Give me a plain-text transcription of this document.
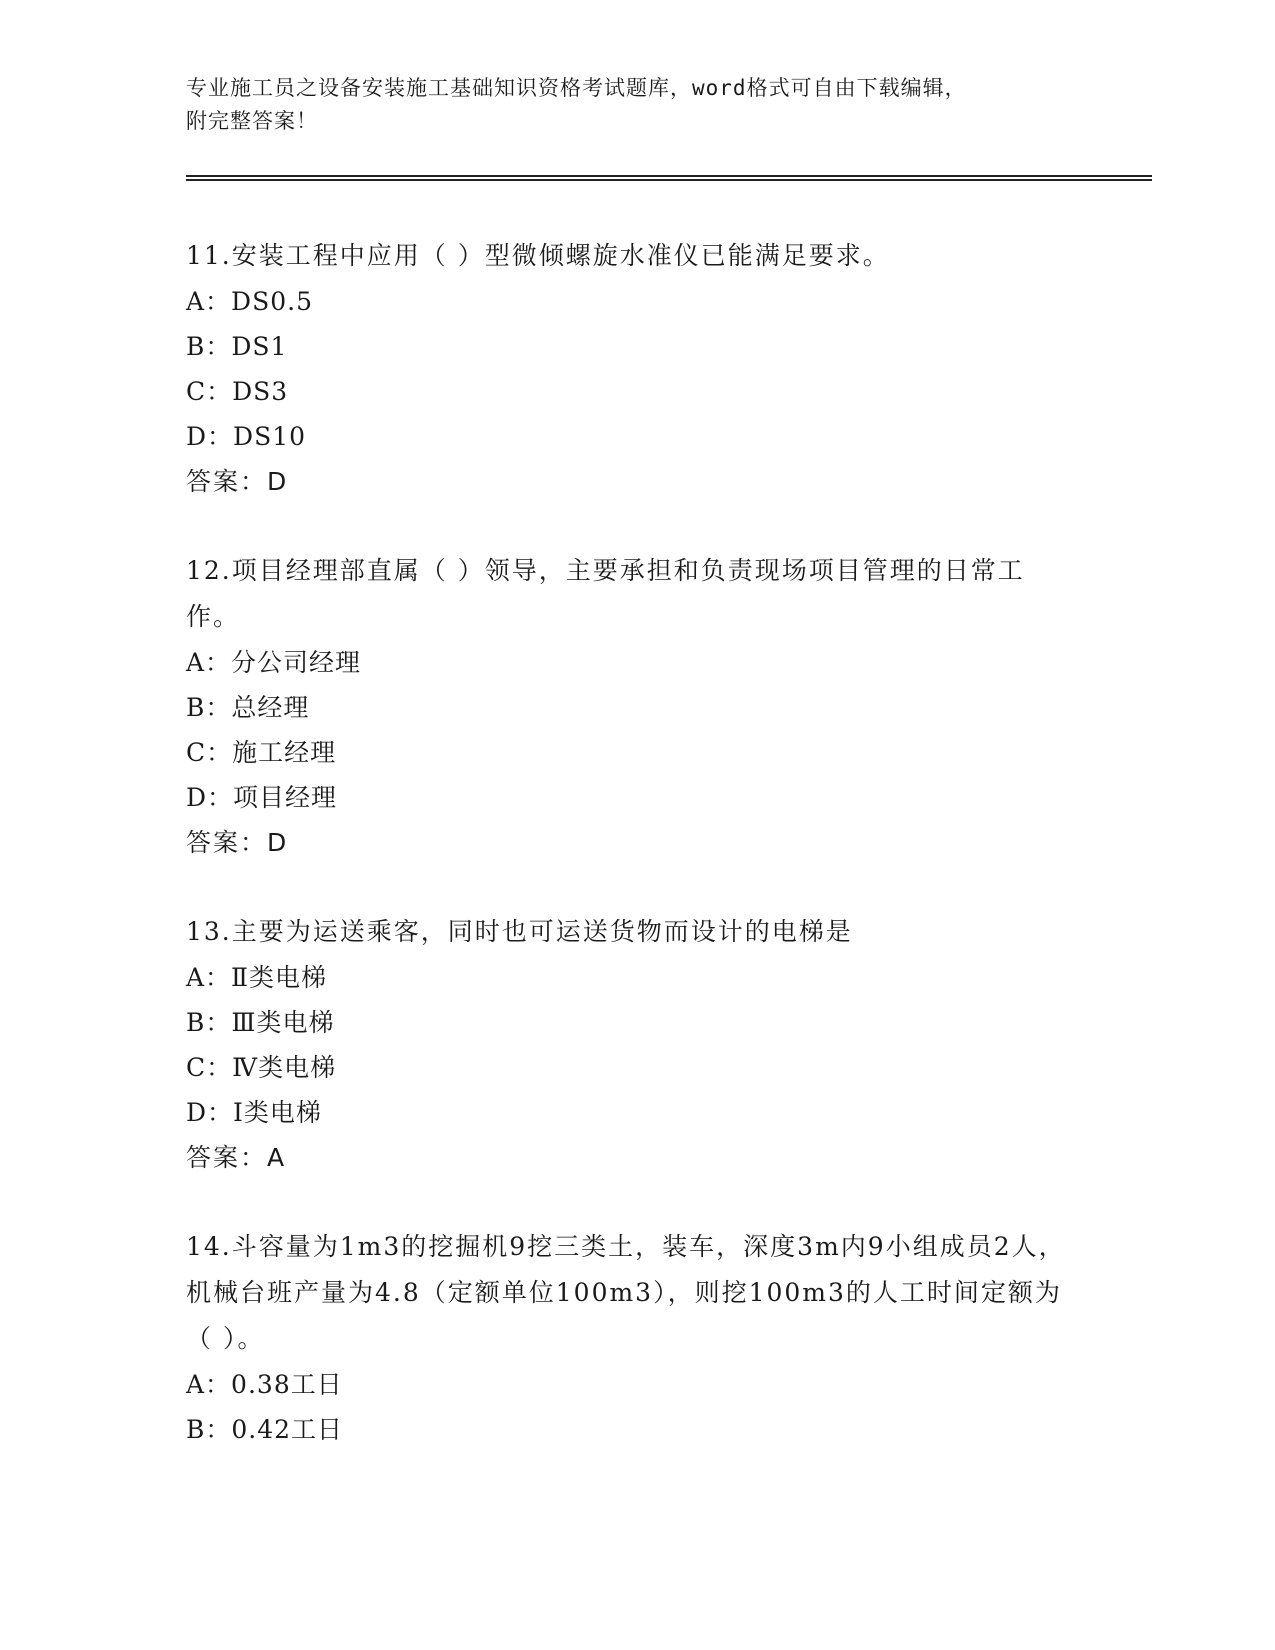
专业施工员之设备安装施工基础知识资格考试题库，word格式可自由下载编辑，
附完整答案！

11.安装工程中应用（ ）型微倾螺旋水准仪已能满足要求。

A：DS0.5

B：DS1

C：DS3

D：DS10

答案：D

12.项目经理部直属（ ）领导，主要承担和负责现场项目管理的日常工作。

A：分公司经理

B：总经理

C：施工经理

D：项目经理

答案：D

13.主要为运送乘客，同时也可运送货物而设计的电梯是

A：Ⅱ类电梯

B：Ⅲ类电梯

C：Ⅳ类电梯

D：Ⅰ类电梯

答案：A

14.斗容量为1m3的挖掘机9挖三类土，装车，深度3m内9小组成员2人，机械台班产量为4.8（定额单位100m3），则挖100m3的人工时间定额为（ ）。

A：0.38工日

B：0.42工日
